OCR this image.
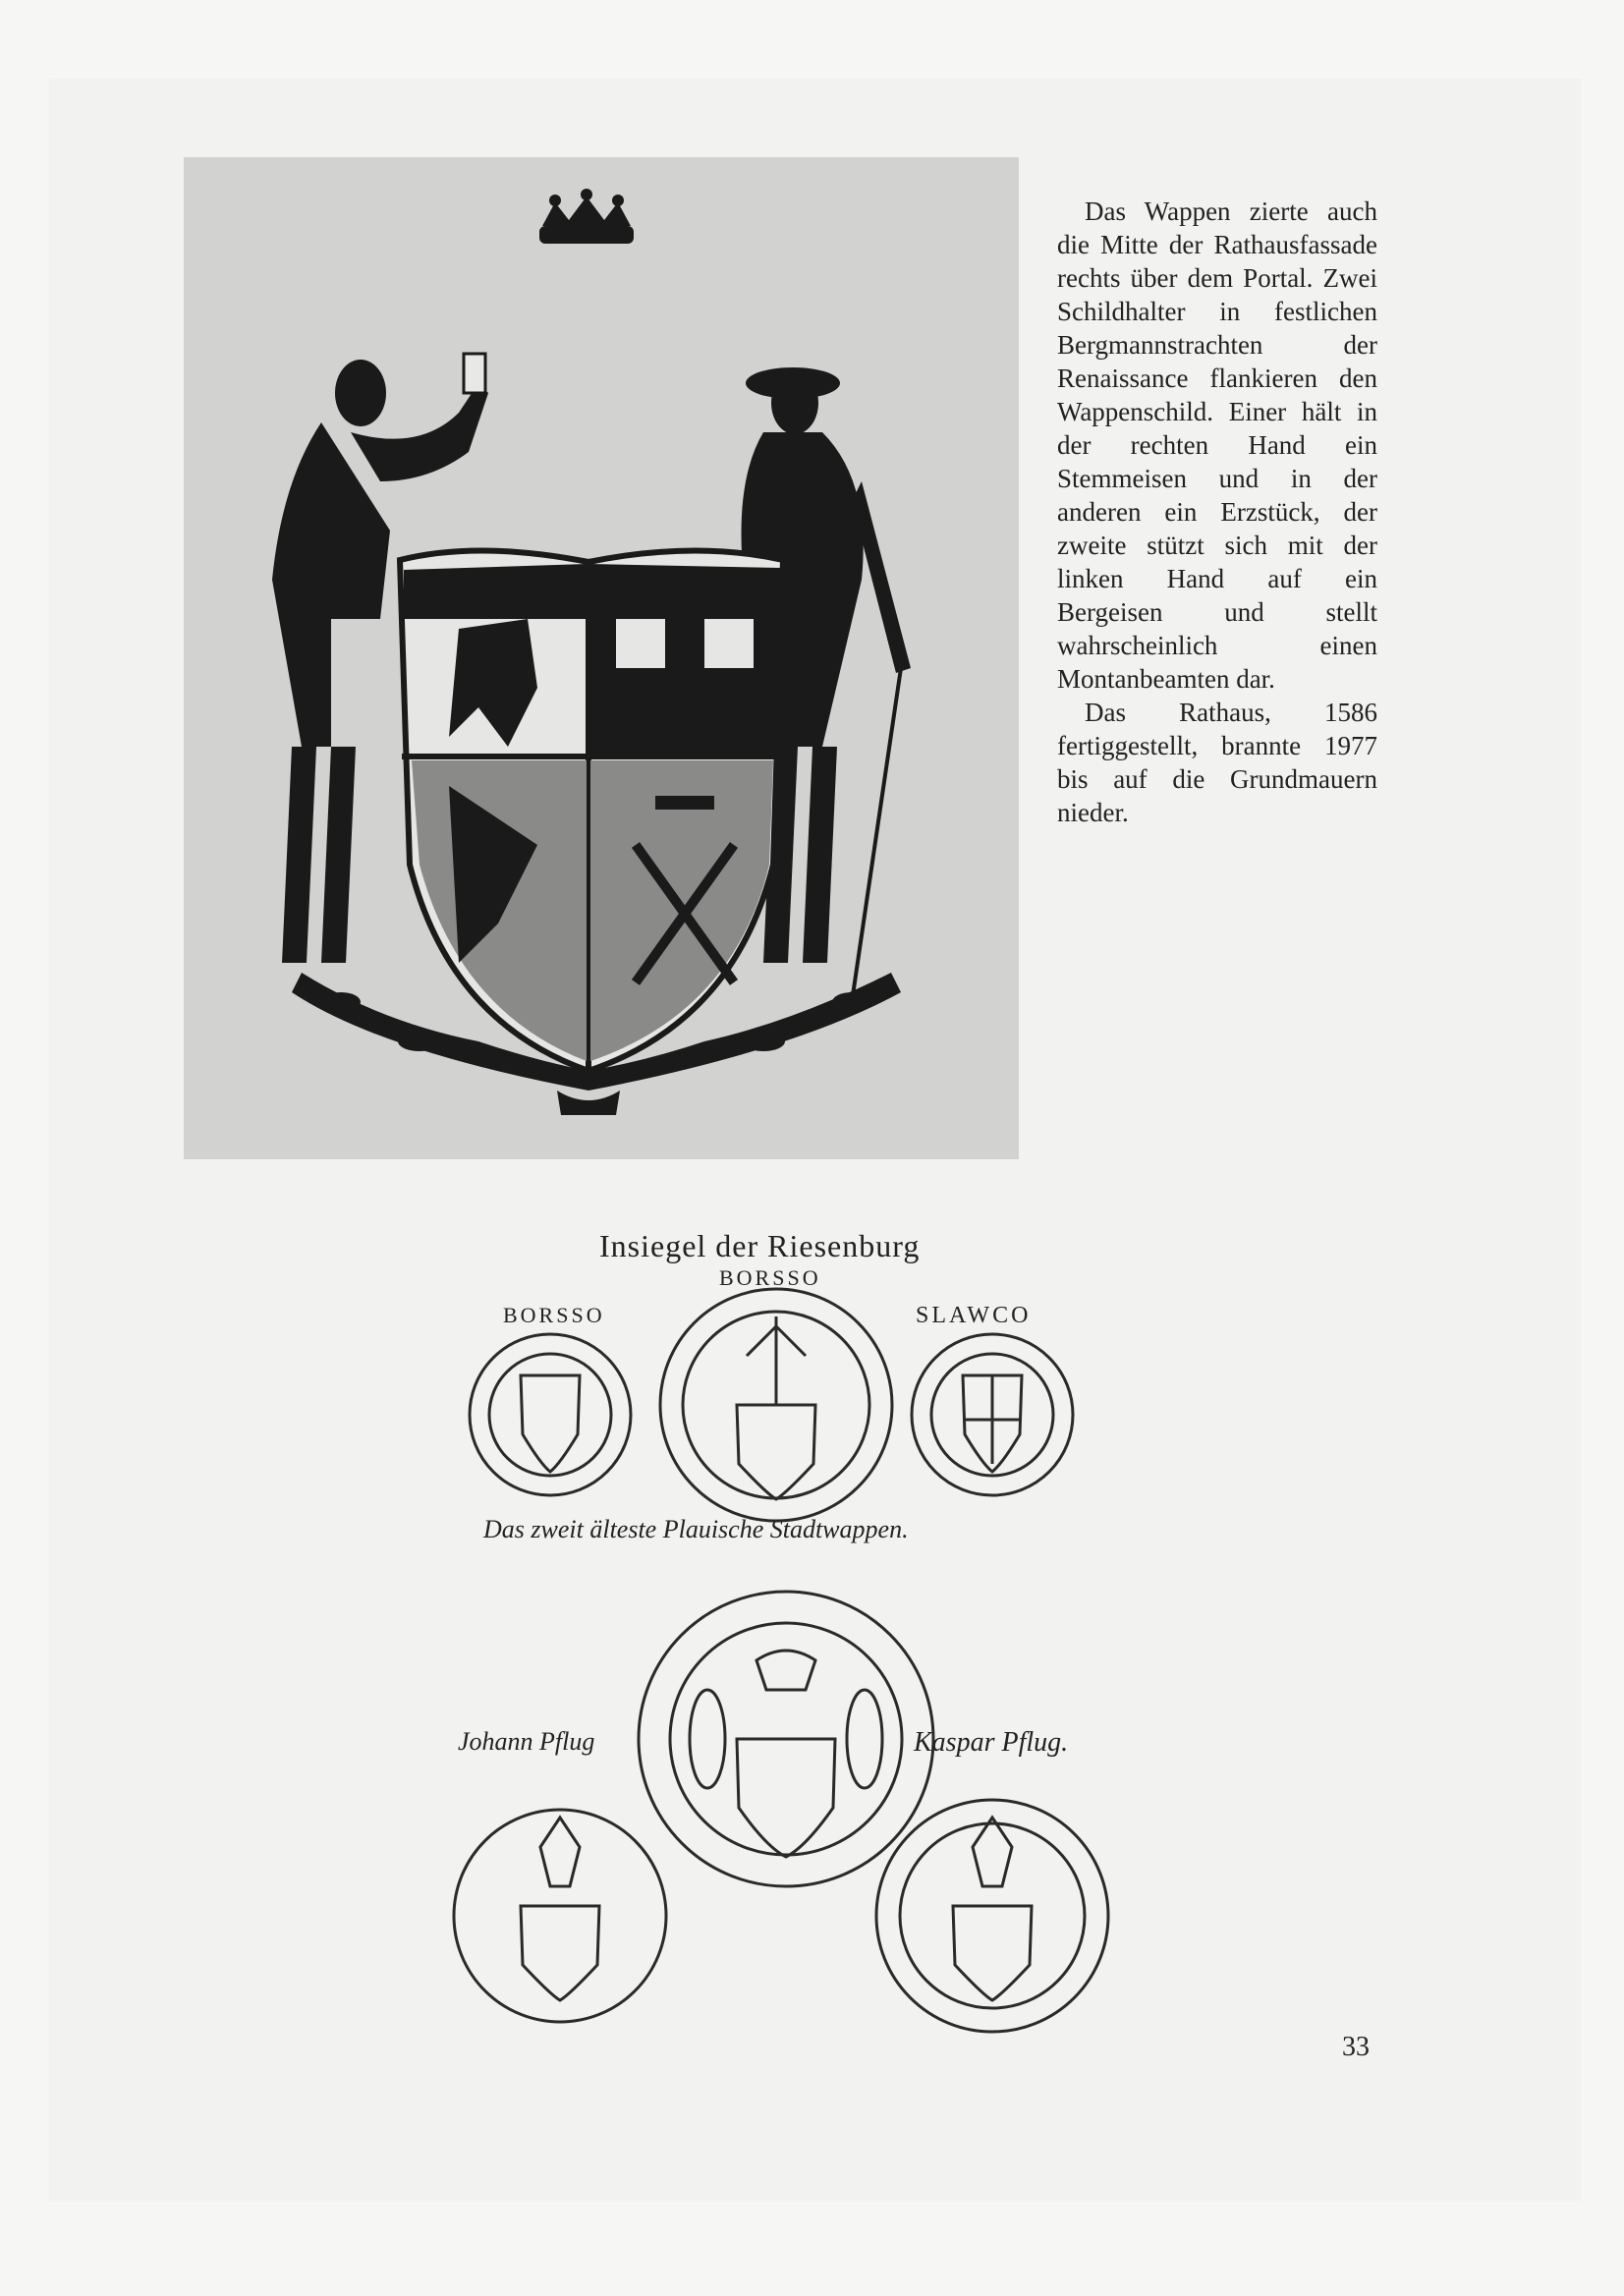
Das Wappen zierte auch die Mitte der Rathausfassade rechts über dem Portal. Zwei Schildhalter in festlichen Bergmannstrachten der Renaissance flankieren den Wappenschild. Einer hält in der rechten Hand ein Stemmeisen und in der anderen ein Erzstück, der zweite stützt sich mit der linken Hand auf ein Bergeisen und stellt wahrscheinlich einen Montanbeamten dar.

Das Rathaus, 1586 fertiggestellt, brannte 1977 bis auf die Grundmauern nieder.

Insiegel der Riesenburg
BORSSO
BORSSO	SLAWCO
Das zweit älteste Plauische Stadtwappen.
Johann Pflug	Kaspar Pflug.
33
